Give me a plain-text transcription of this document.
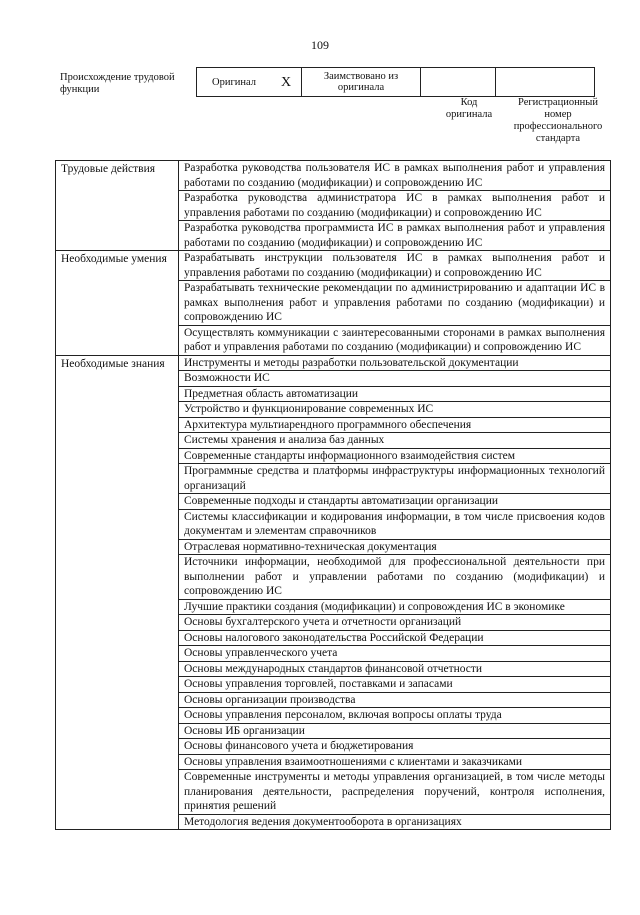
109
Происхождение трудовой функции
Оригинал	X	Заимствовано из оригинала		
Код оригинала
Регистрационный номер профессионального стандарта
Трудовые действия	Разработка руководства пользователя ИС в рамках выполнения работ и управления работами по созданию (модификации) и сопровождению ИС
	Разработка руководства администратора ИС в рамках выполнения работ и управления работами по созданию (модификации) и сопровождению ИС
	Разработка руководства программиста ИС в рамках выполнения работ и управления работами по созданию (модификации) и сопровождению ИС
Необходимые умения	Разрабатывать инструкции пользователя ИС в рамках выполнения работ и управления работами по созданию (модификации) и сопровождению ИС
	Разрабатывать технические рекомендации по администрированию и адаптации ИС в рамках выполнения работ и управления работами по созданию (модификации) и сопровождению ИС
	Осуществлять коммуникации с заинтересованными сторонами в рамках выполнения работ и управления работами по созданию (модификации) и сопровождению ИС
Необходимые знания	Инструменты и методы разработки пользовательской документации
	Возможности ИС
	Предметная область автоматизации
	Устройство и функционирование современных ИС
	Архитектура мультиарендного программного обеспечения
	Системы хранения и анализа баз данных
	Современные стандарты информационного взаимодействия систем
	Программные средства и платформы инфраструктуры информационных технологий организаций
	Современные подходы и стандарты автоматизации организации
	Системы классификации и кодирования информации, в том числе присвоения кодов документам и элементам справочников
	Отраслевая нормативно-техническая документация
	Источники информации, необходимой для профессиональной деятельности при выполнении работ и управлении работами по созданию (модификации) и сопровождению ИС
	Лучшие практики создания (модификации) и сопровождения ИС в экономике
	Основы бухгалтерского учета и отчетности организаций
	Основы налогового законодательства Российской Федерации
	Основы управленческого учета
	Основы международных стандартов финансовой отчетности
	Основы управления торговлей, поставками и запасами
	Основы организации производства
	Основы управления персоналом, включая вопросы оплаты труда
	Основы ИБ организации
	Основы финансового учета и бюджетирования
	Основы управления взаимоотношениями с клиентами и заказчиками
	Современные инструменты и методы управления организацией, в том числе методы планирования деятельности, распределения поручений, контроля исполнения, принятия решений
	Методология ведения документооборота в организациях
